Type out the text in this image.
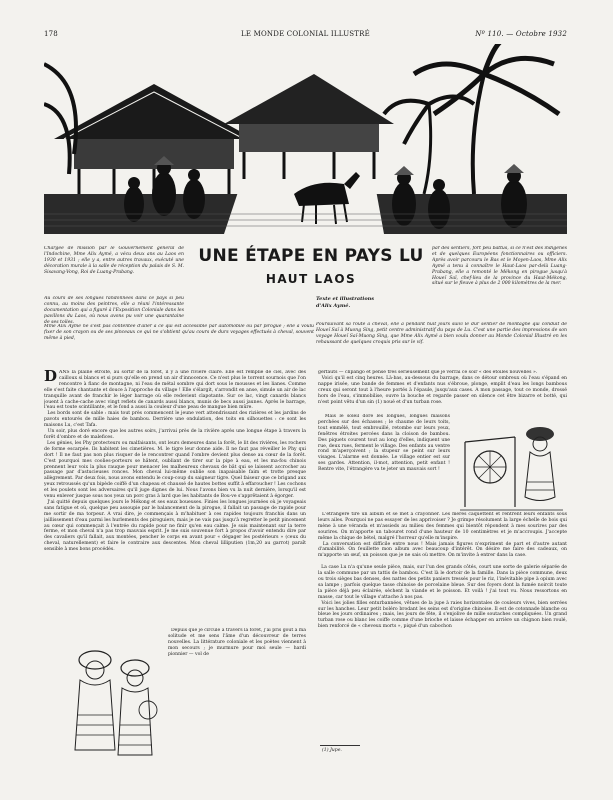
178	LE MONDE COLONIAL ILLUSTRÉ	Nº 110. — Octobre 1932
Chargée de mission par le Gouvernement général de l'Indochine, Mme Alix Aymé, a vécu deux ans au Laos en 1930 et 1931 ; elle y a, entre autres travaux, exécuté une décoration murale à la salle de réception du palais de S. M. Sisavang-Vong, Roi de Luang-Prabang.
Au cours de ses longues randonnées dans ce pays si peu connu, au moins des peintres, elle a réuni l'intéressante documentation qui a figuré à l'Exposition Coloniale dans les pavillons du Laos, où nous avons pu voir une quarantaine de ses toiles.
Mme Alix Aymé ne s'est pas contentée d'aller à ce qui est accessible par automobile ou par pirogue ; elle a voulu fixer de son crayon ou de ses pinceaux ce qui ne s'obtient qu'au cours de durs voyages effectués à cheval, souvent même à pied,
UNE ÉTAPE EN PAYS LU
HAUT LAOS
Texte et illustrations
d'Alix Aymé.
par des sentiers, fort peu battus, si ce n'est des indigènes et de quelques Européens fonctionnaires ou officiers. Après avoir parcouru le Bas et le Moyen-Laos, Mme Alix Aymé a tenu à connaître le Haut-Laos par-delà Luang-Prabang, elle a remonté le Mékong en pirogue jusqu'à Houeï Saï, chef-lieu de la province du Haut-Mékong, situé sur le fleuve à plus de 2 000 kilomètres de la mer.
Poursuivant sa route à cheval, elle a pendant huit jours suivi le dur sentier de montagne qui conduit de Houeï Saï à Muong Sing, petit centre administratif du pays de Lu. C'est une partie des impressions de son voyage Houeï Saï-Muong Sing, que Mme Alix Aymé a bien voulu donner au Monde Colonial Illustré en les rehaussant de quelques croquis pris sur le vif.
DANS la plaine étroite, au sortir de la forêt, il y a une rivière claire. Elle est remplie de ciel, avec des cailloux si blancs et si purs qu'elle en prend un air d'innocence. Ce n'est plus le torrent sournois que l'on rencontre à flanc de montagne, ni l'eau de métal sombre qui dort sous le mousses et les lianes. Comme elle s'est faite chantante et douce à l'approche du village ! Elle s'élargit, s'arrondit en anse, simule un air de lac tranquille avant de franchir le léger barrage où elle redevient clapotante. Sur ce lac, vingt canards blancs jouent à cache-cache avec vingt reflets de canards aussi blancs, munis de becs aussi jaunes. Après le barrage, l'eau est toute scintillante, et le fond a aussi la couleur d'une peau de mangue bien mûre.
Les bords sont de sable : mais tout près commencent le jeune vert attendrissant des rizières et les jardins de pavots entourés de mille haies de bambou. Derrière une ondulation, des toits en silhouettes : ce sont les maisons Lu, c'est Tafa.
Un soir, plus doré encore que les autres soirs, j'arrivai près de la rivière après une longue étape à travers la forêt d'ombre et de malefices.
Les génies, les Phy protecteurs ou malfaisants, ont leurs demeures dans la forêt, le lit des rivières, les rochers de forme escarpée. Ils habitent les cimetières. M. le tigre leur donne aide. Il ne faut pas réveiller le Phy qui dort ! Il ne faut pas non plus risquer de le rencontrer quand l'ombre devient plus dense au cœur de la forêt. C'est pourquoi mes coolies-porteurs se hâtent, oubliant de tirer sur la pipe à eau, et les ma-fou chinois prennent leur voix la plus rauque pour menacer les malheureux chevaux de bât qui se laissent accrocher au passage par d'astucieuses ronces. Mon cheval lui-même oublie son inapaisable faim et trotte presque allègrement. Par deux fois, nous avons entendu le coup-coup du saigneur tigre. Quel faiseur que ce brigand aux yeux retroussés qu'un bipède coiffé d'un chapeau et chaussé de hautes bottes suffit à effaroucher ! Les cochons et les poulets sont les adversaires qu'il juge dignes de lui. Nous l'avons bien vu la nuit dernière, lorsqu'il est venu enlever jusque sous nos yeux un porc gras à lard que les habitants de Bou-ve s'apprêtaient à égorger.
J'ai quitté depuis quelques jours le Mékong et ses eaux boueuses. Finies les longues journées où je voyageais sans fatigue et où, quelque peu assoupie par le balancement de la pirogue, il fallait un passage de rapide pour me sortir de ma torpeur. A vrai dire, je commençais à m'habituer à ces rapides toujours franchis dans un jaillissement d'eau parmi les hurlements des piroguiers, mais je ne vais pas jusqu'à regretter le petit pincement au cœur qui commençait à l'entrée du rapide pour ne finir qu'en eau calme. Je suis maintenant sur la terre ferme, et mon cheval n'a pas trop mauvais esprit. Je me suis souvenue fort à propos d'avoir entendu dire par des cavaliers qu'il fallait, aux montées, pencher le corps en avant pour « dégager les postérieurs » (ceux du cheval, naturellement) et faire le contraire aux descentes. Mon cheval lilliputien (1m,20 au garrot) paraît sensible à mes bons procédés.
Depuis que je circule à travers la forêt, j'ai pris goût à ma solitude et me sens l'âme d'un découvreur de terres nouvelles. La littérature coloniale et les poètes viennent à mon secours ; je murmure pour moi seule — hardi pionnier — vol de
gerfauts — clipango et pense très sérieusement que je verrai ce soir « des étoiles nouvelles ».
Voici qu'il est cinq heures. Là-bas, au-dessous du barrage, dans ce détour ombreux où l'eau s'épand en nappe irisée, une bande de femmes et d'enfants nus s'ébroue, plonge, emplit d'eau les longs bambous creux qui seront tout à l'heure portés à l'épaule, jusqu'aux cases. A mon passage, tout ce monde, drossé hors de l'eau, s'immobilise, ouvre la bouche et regarde passer en silence cet être bizarre et botté, qui n'est point vêtu d'un sin (1) noué et d'un turban rose.
Mais le soleil dore les longues, longues maisons perchées sur des échasses ; le chaume de leurs toits, tout emmêlé, tout embrouillé, retombe sur leurs yeux, fenêtres étroites percées dans la cloison de bambou. Des piquets courent tout au long d'elles, indiquent une rue, deux rues, ferment le village. Des enfants au ventre rond m'aperçoivent ; la stupeur se peint sur leurs visages. L'alarme est donnée. Le village entier est sur ses gardes. Attention, il-mot, attention, petit enfant ! Rentre vite, l'étrangère va te jeter un mauvais sort !
L'étrangère tire un album et se met à crayonner. Les mères caquettent et rentrent leurs enfants sous leurs ailes. Pourquoi ne pas essayer de les apprivoiser ? Je grimpe résolument la large échelle de bois qui mène à une véranda et m'assieds au milieu des femmes qui bientôt répondent à mes sourires par des sourires. On m'apporte un tabouret rond d'une hauteur de 10 centimètres et je m'accroupis. J'accepte même la chique de bétel, malgré l'horreur qu'elle m'inspire.
La conversation est difficile entre nous ! Mais jamais figures n'expriment de part et d'autre autant d'amabilité. On feuillette mon album avec beaucoup d'intérêt. On désire me faire des cadeaux, on m'apporte un œuf, un poisson que je ne sais où mettre. On m'invite à entrer dans la case.

La case Lu n'a qu'une seule pièce, mais, sur l'un des grands côtés, court une sorte de galerie séparée de la salle commune par un tattis de bambou. C'est là le dortoir de la famille. Dans la pièce commune, deux ou trois sièges bas denses, des nattes des petits paniers tressés pour le riz, l'inévitable pipe à opium avec sa lampe ; parfois quelque tasse chinoise de porcelaine bleue. Sur des foyers dont la fumée noircit toute la pièce déjà peu éclairée, sèchent la viande et le poisson. Et voilà ! j'ai tout vu. Nous ressortons en masse, car tout le village s'attache à nos pas.
Voici les jolies filles enturbannées, vêtues de la jupe à raies horizontales de couleurs vives, bien serrées sur les hanches. Leur petit boléro brodant les seins est d'origine chinoise. Il est de cotonnade blanche ou bleue les jours ordinaires ; mais, les jours de fête, il s'enjolive de mille soutaches compliquées. Un grand turban rose ou blanc les coiffe comme d'une brioche et laisse échapper en arrière un chignon bien roulé, bien renforcé de « cheveux morts », piqué d'un cabochon
(1) Jupe.
